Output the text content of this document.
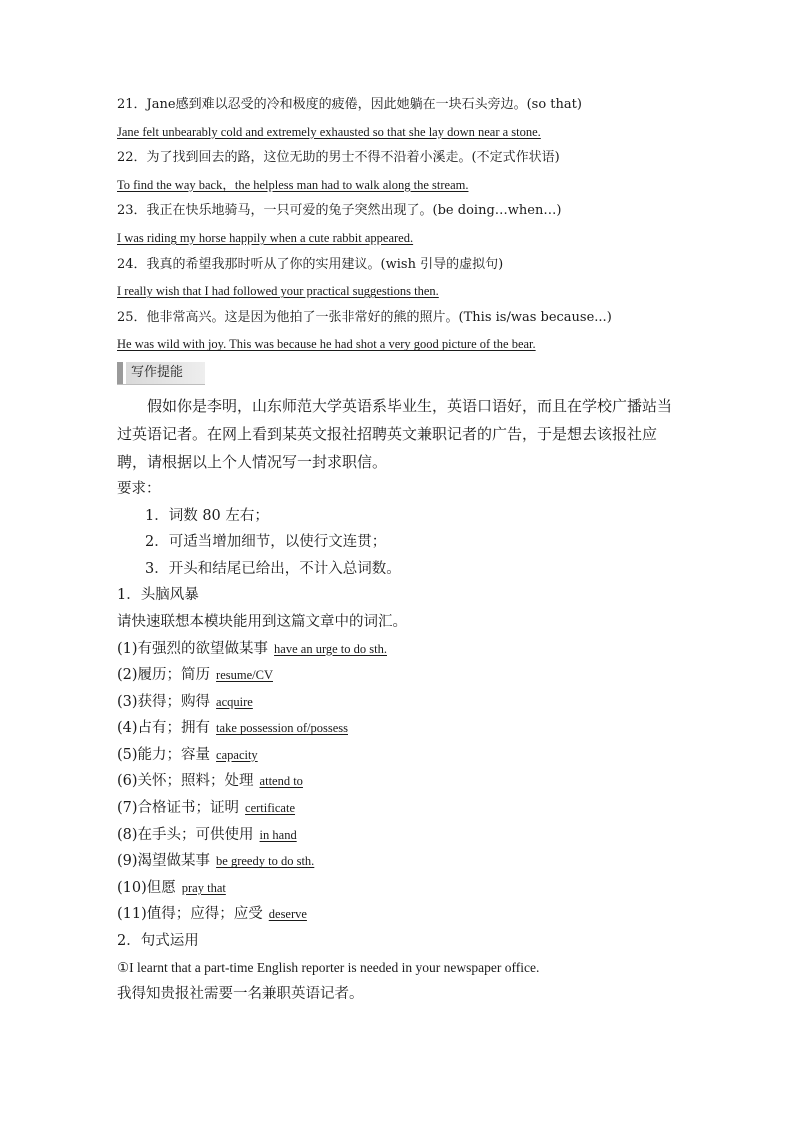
21．Jane感到难以忍受的冷和极度的疲倦，因此她躺在一块石头旁边。(so that)
Jane felt unbearably cold and extremely exhausted so that she lay down near a stone.
22．为了找到回去的路，这位无助的男士不得不沿着小溪走。(不定式作状语)
To find the way back，the helpless man had to walk along the stream.
23．我正在快乐地骑马，一只可爱的兔子突然出现了。(be doing…when…)
I was riding my horse happily when a cute rabbit appeared.
24．我真的希望我那时听从了你的实用建议。(wish 引导的虚拟句)
I really wish that I had followed your practical suggestions then.
25．他非常高兴。这是因为他拍了一张非常好的熊的照片。(This is/was because...)
He was wild with joy. This was because he had shot a very good picture of the bear.
写作提能
假如你是李明，山东师范大学英语系毕业生，英语口语好，而且在学校广播站当过英语记者。在网上看到某英文报社招聘英文兼职记者的广告，于是想去该报社应聘，请根据以上个人情况写一封求职信。
要求：
1．词数 80 左右；
2．可适当增加细节，以使行文连贯；
3．开头和结尾已给出，不计入总词数。
1．头脑风暴
请快速联想本模块能用到这篇文章中的词汇。
(1)有强烈的欲望做某事 have an urge to do sth.
(2)履历；简历 resume/CV
(3)获得；购得 acquire
(4)占有；拥有 take possession of/possess
(5)能力；容量 capacity
(6)关怀；照料；处理 attend to
(7)合格证书；证明 certificate
(8)在手头；可供使用 in hand
(9)渴望做某事 be greedy to do sth.
(10)但愿 pray that
(11)值得；应得；应受 deserve
2．句式运用
①I learnt that a part-time English reporter is needed in your newspaper office.
我得知贵报社需要一名兼职英语记者。
